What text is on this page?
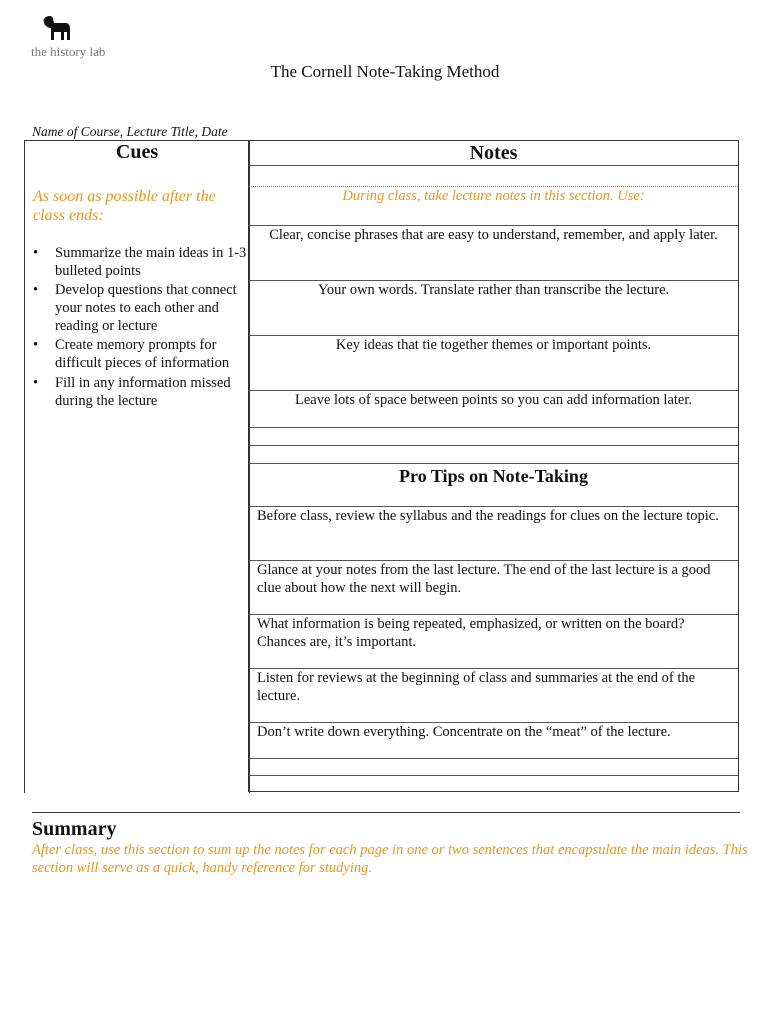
the history lab
The Cornell Note-Taking Method
Name of Course, Lecture Title, Date
Cues
As soon as possible after the class ends:
• Summarize the main ideas in 1-3 bulleted points
• Develop questions that connect your notes to each other and reading or lecture
• Create memory prompts for difficult pieces of information
• Fill in any information missed during the lecture
Notes
During class, take lecture notes in this section. Use:
Clear, concise phrases that are easy to understand, remember, and apply later.
Your own words. Translate rather than transcribe the lecture.
Key ideas that tie together themes or important points.
Leave lots of space between points so you can add information later.
Pro Tips on Note-Taking
Before class, review the syllabus and the readings for clues on the lecture topic.
Glance at your notes from the last lecture. The end of the last lecture is a good clue about how the next will begin.
What information is being repeated, emphasized, or written on the board? Chances are, it’s important.
Listen for reviews at the beginning of class and summaries at the end of the lecture.
Don’t write down everything. Concentrate on the “meat” of the lecture.
Summary
After class, use this section to sum up the notes for each page in one or two sentences that encapsulate the main ideas. This section will serve as a quick, handy reference for studying.
